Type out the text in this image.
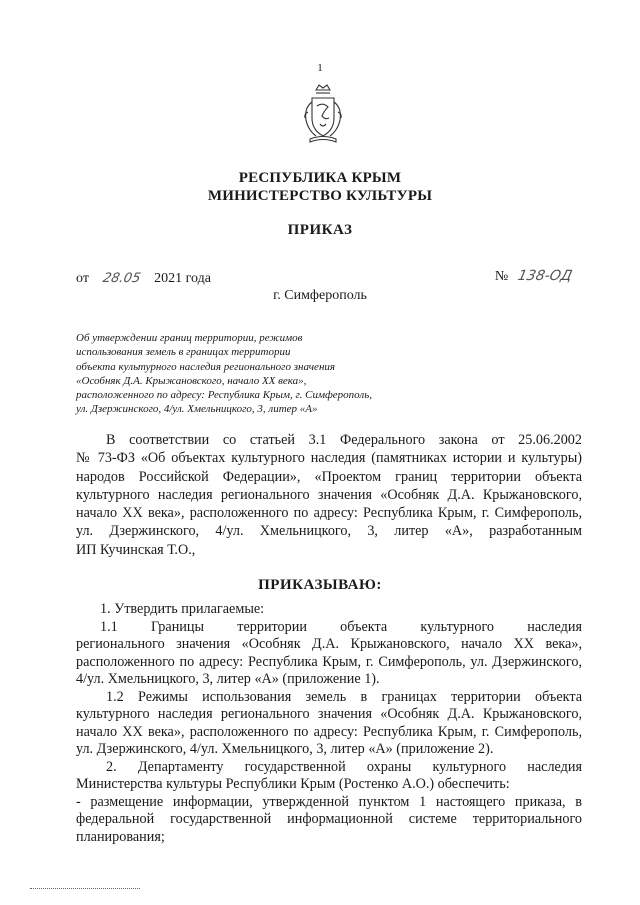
1
РЕСПУБЛИКА КРЫМ
МИНИСТЕРСТВО КУЛЬТУРЫ
ПРИКАЗ
от 28.05 2021 года	№ 138-ОД
г. Симферополь
Об утверждении границ территории, режимов
использования земель в границах территории
объекта культурного наследия регионального значения
«Особняк Д.А. Крыжановского, начало XX века»,
расположенного по адресу: Республика Крым, г. Симферополь,
ул. Дзержинского, 4/ул. Хмельницкого, 3, литер «А»
В соответствии со статьей 3.1 Федерального закона от 25.06.2002
№ 73-ФЗ «Об объектах культурного наследия (памятниках истории и культуры)
народов Российской Федерации», «Проектом границ территории объекта
культурного наследия регионального значения «Особняк Д.А. Крыжановского,
начало XX века», расположенного по адресу: Республика Крым, г. Симферополь,
ул. Дзержинского, 4/ул. Хмельницкого, 3, литер «А», разработанным
ИП Кучинская Т.О.,
ПРИКАЗЫВАЮ:
1. Утвердить прилагаемые:
1.1 Границы территории объекта культурного наследия
регионального значения «Особняк Д.А. Крыжановского, начало XX века»,
расположенного по адресу: Республика Крым, г. Симферополь, ул. Дзержинского,
4/ул. Хмельницкого, 3, литер «А» (приложение 1).
1.2 Режимы использования земель в границах территории объекта
культурного наследия регионального значения «Особняк Д.А. Крыжановского,
начало XX века», расположенного по адресу: Республика Крым, г. Симферополь,
ул. Дзержинского, 4/ул. Хмельницкого, 3, литер «А» (приложение 2).
2. Департаменту государственной охраны культурного наследия
Министерства культуры Республики Крым (Ростенко А.О.) обеспечить:
- размещение информации, утвержденной пунктом 1 настоящего приказа, в
федеральной государственной информационной системе территориального
планирования;
